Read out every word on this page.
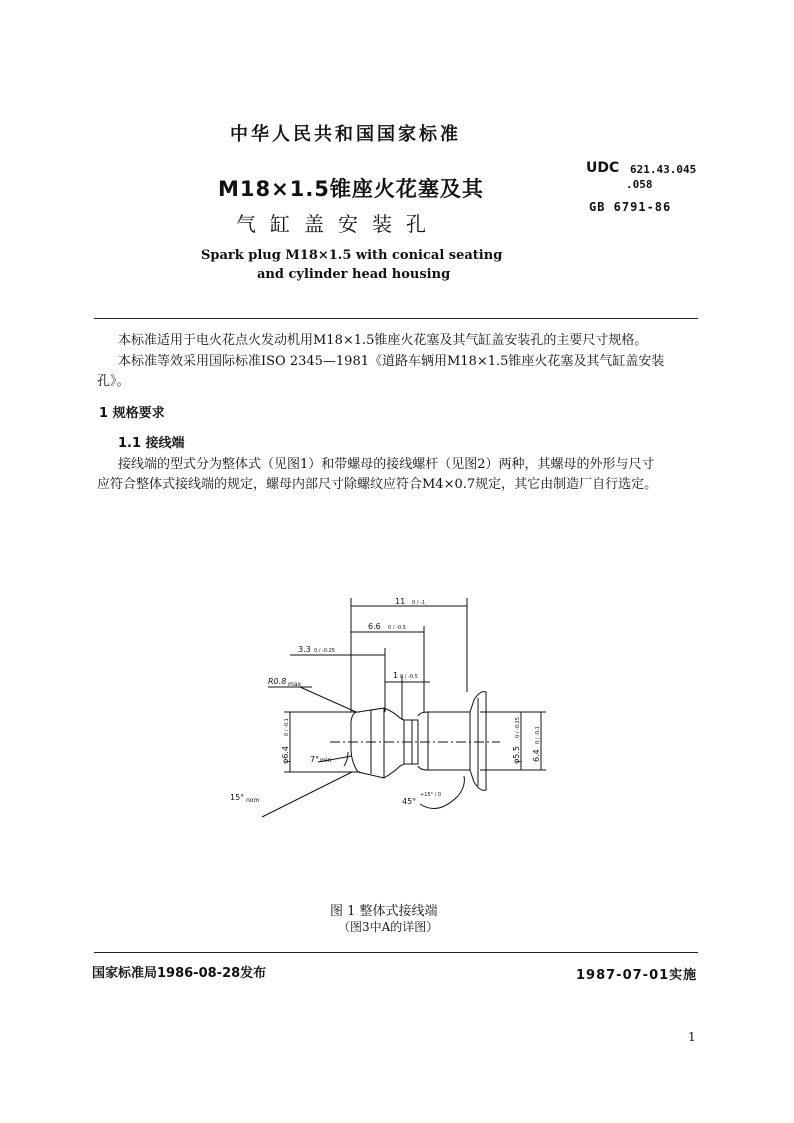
中华人民共和国国家标准
M18×1.5锥座火花塞及其
气缸盖安装孔
UDC 621.43.045
.058
GB 6791-86
Spark plug M18×1.5 with conical seating
and cylinder head housing
本标准适用于电火花点火发动机用M18×1.5锥座火花塞及其气缸盖安装孔的主要尺寸规格。
本标准等效采用国际标准ISO 2345—1981《道路车辆用M18×1.5锥座火花塞及其气缸盖安装
孔》。
1 规格要求
1.1 接线端
接线端的型式分为整体式（见图1）和带螺母的接线螺杆（见图2）两种，其螺母的外形与尺寸
应符合整体式接线端的规定，螺母内部尺寸除螺纹应符合M4×0.7规定，其它由制造厂自行选定。
11
6.6
3.3
1
R0.8 max
7° min
15° nom	45°
+15° / 0
0 / -1
0 / -0.5
0 / -0.25
0 / -0.5
φ6.4
0 / -0.1
φ5.5
0 / -0.25
6.4
0 / -0.1
图 1 整体式接线端
（图3中A的详图）
国家标准局1986-08-28发布	1987-07-01实施
1
